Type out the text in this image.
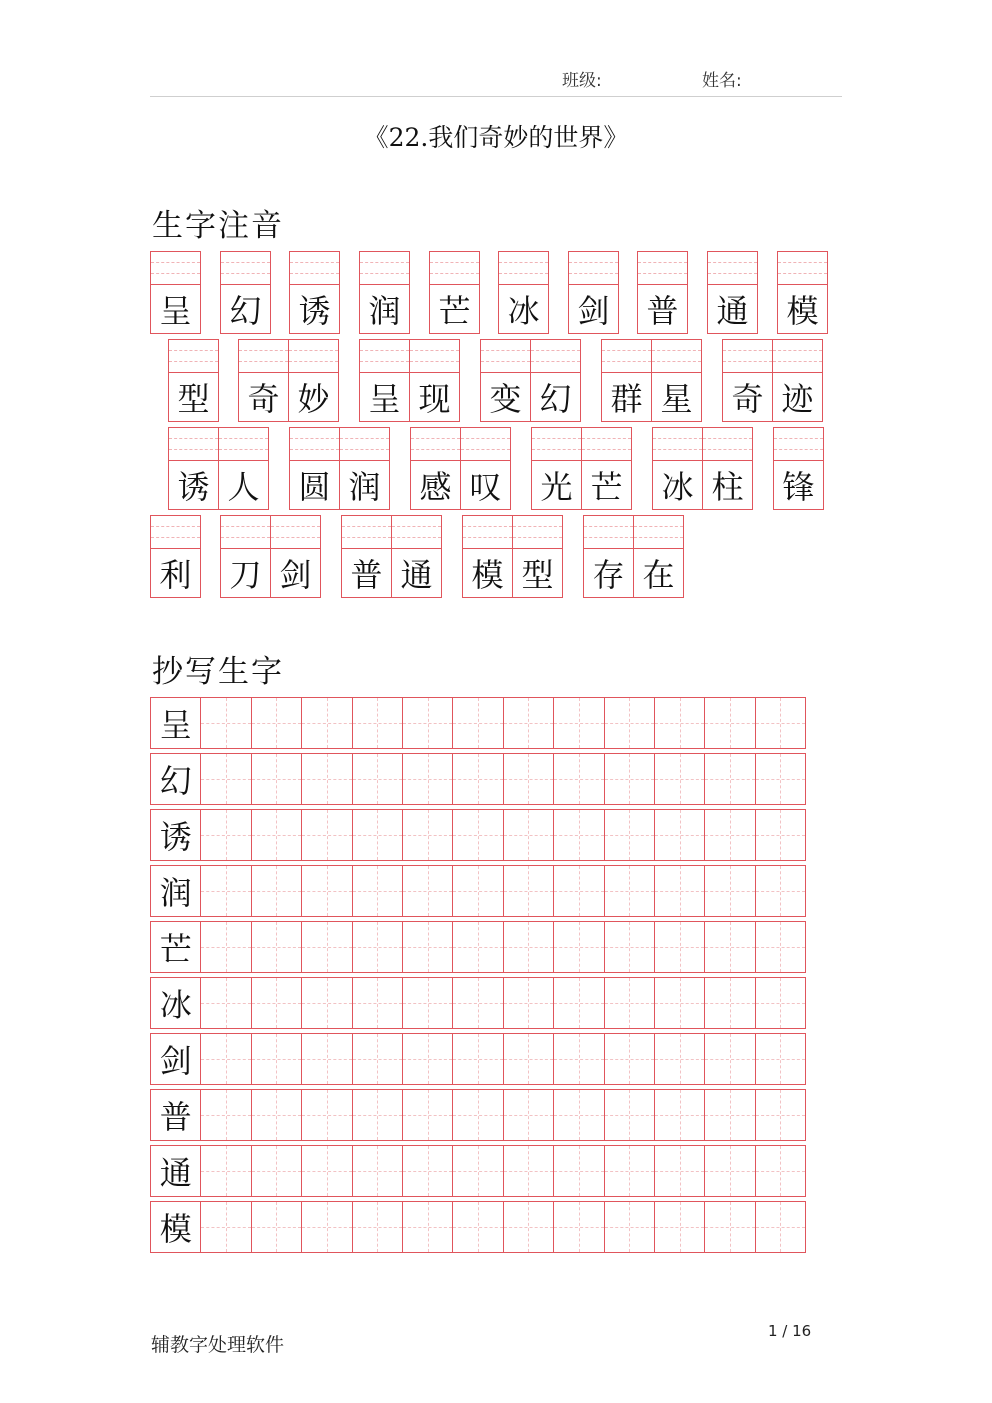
班级:	姓名:
《22.我们奇妙的世界》
生字注音
呈 幻 诱 润 芒 冰 剑 普 通 模
型 奇 妙 呈 现 变 幻 群 星 奇 迹
诱 人 圆 润 感 叹 光 芒 冰 柱 锋
利 刀 剑 普 通 模 型 存 在
抄写生字
呈
幻
诱
润
芒
冰
剑
普
通
模
辅教字处理软件
1 / 16
